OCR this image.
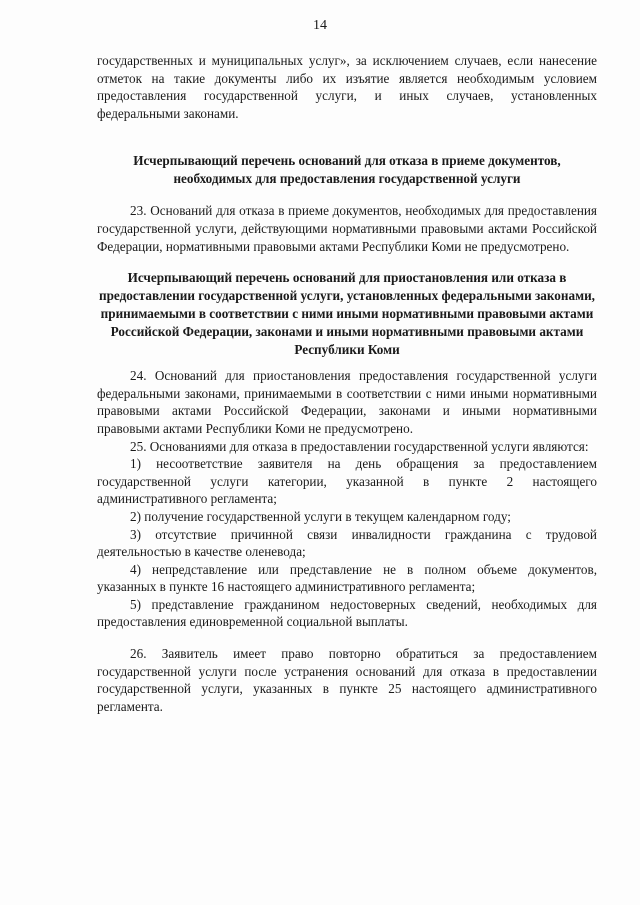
14

государственных и муниципальных услуг», за исключением случаев, если нанесение отметок на такие документы либо их изъятие является необходимым условием предоставления государственной услуги, и иных случаев, установленных федеральными законами.

Исчерпывающий перечень оснований для отказа в приеме документов, необходимых для предоставления государственной услуги

23. Оснований для отказа в приеме документов, необходимых для предоставления государственной услуги, действующими нормативными правовыми актами Российской Федерации, нормативными правовыми актами Республики Коми не предусмотрено.

Исчерпывающий перечень оснований для приостановления или отказа в предоставлении государственной услуги, установленных федеральными законами, принимаемыми в соответствии с ними иными нормативными правовыми актами Российской Федерации, законами и иными нормативными правовыми актами Республики Коми

24. Оснований для приостановления предоставления государственной услуги федеральными законами, принимаемыми в соответствии с ними иными нормативными правовыми актами Российской Федерации, законами и иными нормативными правовыми актами Республики Коми не предусмотрено.

25. Основаниями для отказа в предоставлении государственной услуги являются:

1) несоответствие заявителя на день обращения за предоставлением государственной услуги категории, указанной в пункте 2 настоящего административного регламента;

2) получение государственной услуги в текущем календарном году;

3) отсутствие причинной связи инвалидности гражданина с трудовой деятельностью в качестве оленевода;

4) непредставление или представление не в полном объеме документов, указанных в пункте 16 настоящего административного регламента;

5) представление гражданином недостоверных сведений, необходимых для предоставления единовременной социальной выплаты.

26. Заявитель имеет право повторно обратиться за предоставлением государственной услуги после устранения оснований для отказа в предоставлении государственной услуги, указанных в пункте 25 настоящего административного регламента.
